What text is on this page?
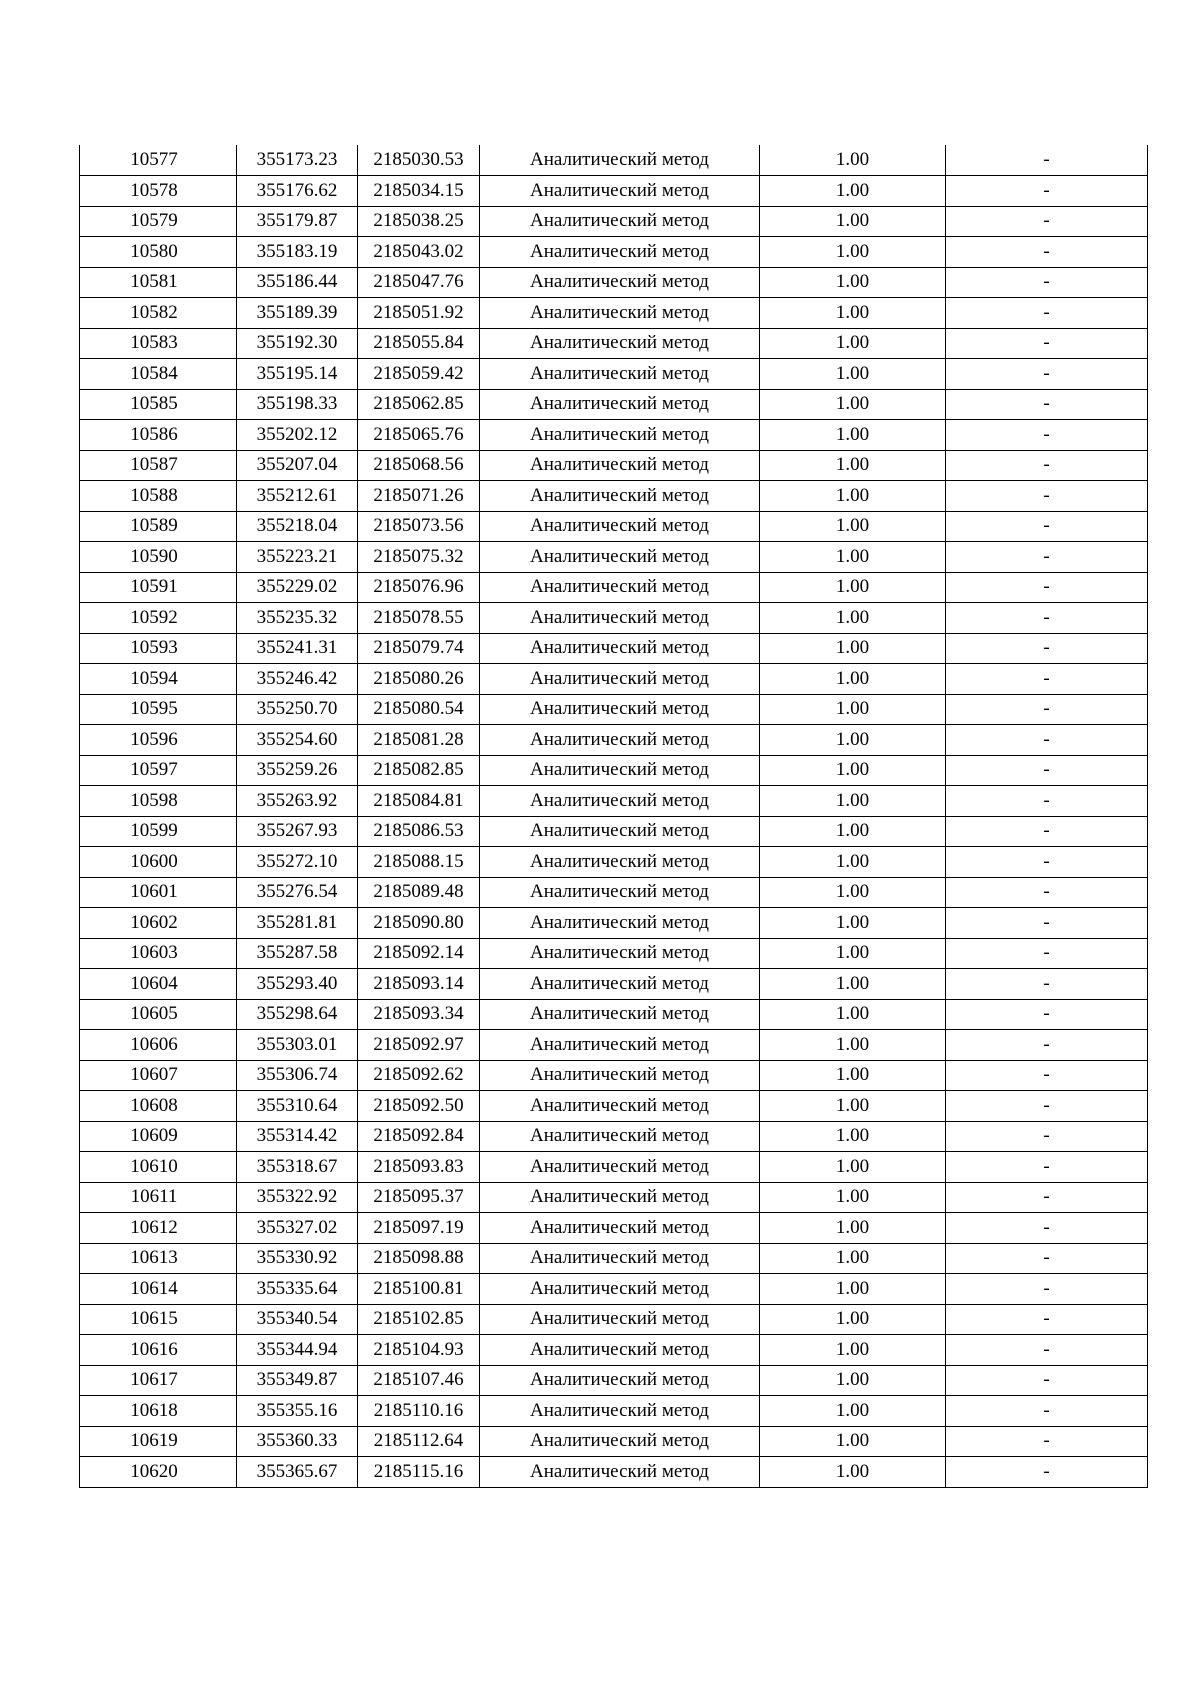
10577	355173.23	2185030.53	Аналитический метод	1.00	-
10578	355176.62	2185034.15	Аналитический метод	1.00	-
10579	355179.87	2185038.25	Аналитический метод	1.00	-
10580	355183.19	2185043.02	Аналитический метод	1.00	-
10581	355186.44	2185047.76	Аналитический метод	1.00	-
10582	355189.39	2185051.92	Аналитический метод	1.00	-
10583	355192.30	2185055.84	Аналитический метод	1.00	-
10584	355195.14	2185059.42	Аналитический метод	1.00	-
10585	355198.33	2185062.85	Аналитический метод	1.00	-
10586	355202.12	2185065.76	Аналитический метод	1.00	-
10587	355207.04	2185068.56	Аналитический метод	1.00	-
10588	355212.61	2185071.26	Аналитический метод	1.00	-
10589	355218.04	2185073.56	Аналитический метод	1.00	-
10590	355223.21	2185075.32	Аналитический метод	1.00	-
10591	355229.02	2185076.96	Аналитический метод	1.00	-
10592	355235.32	2185078.55	Аналитический метод	1.00	-
10593	355241.31	2185079.74	Аналитический метод	1.00	-
10594	355246.42	2185080.26	Аналитический метод	1.00	-
10595	355250.70	2185080.54	Аналитический метод	1.00	-
10596	355254.60	2185081.28	Аналитический метод	1.00	-
10597	355259.26	2185082.85	Аналитический метод	1.00	-
10598	355263.92	2185084.81	Аналитический метод	1.00	-
10599	355267.93	2185086.53	Аналитический метод	1.00	-
10600	355272.10	2185088.15	Аналитический метод	1.00	-
10601	355276.54	2185089.48	Аналитический метод	1.00	-
10602	355281.81	2185090.80	Аналитический метод	1.00	-
10603	355287.58	2185092.14	Аналитический метод	1.00	-
10604	355293.40	2185093.14	Аналитический метод	1.00	-
10605	355298.64	2185093.34	Аналитический метод	1.00	-
10606	355303.01	2185092.97	Аналитический метод	1.00	-
10607	355306.74	2185092.62	Аналитический метод	1.00	-
10608	355310.64	2185092.50	Аналитический метод	1.00	-
10609	355314.42	2185092.84	Аналитический метод	1.00	-
10610	355318.67	2185093.83	Аналитический метод	1.00	-
10611	355322.92	2185095.37	Аналитический метод	1.00	-
10612	355327.02	2185097.19	Аналитический метод	1.00	-
10613	355330.92	2185098.88	Аналитический метод	1.00	-
10614	355335.64	2185100.81	Аналитический метод	1.00	-
10615	355340.54	2185102.85	Аналитический метод	1.00	-
10616	355344.94	2185104.93	Аналитический метод	1.00	-
10617	355349.87	2185107.46	Аналитический метод	1.00	-
10618	355355.16	2185110.16	Аналитический метод	1.00	-
10619	355360.33	2185112.64	Аналитический метод	1.00	-
10620	355365.67	2185115.16	Аналитический метод	1.00	-
